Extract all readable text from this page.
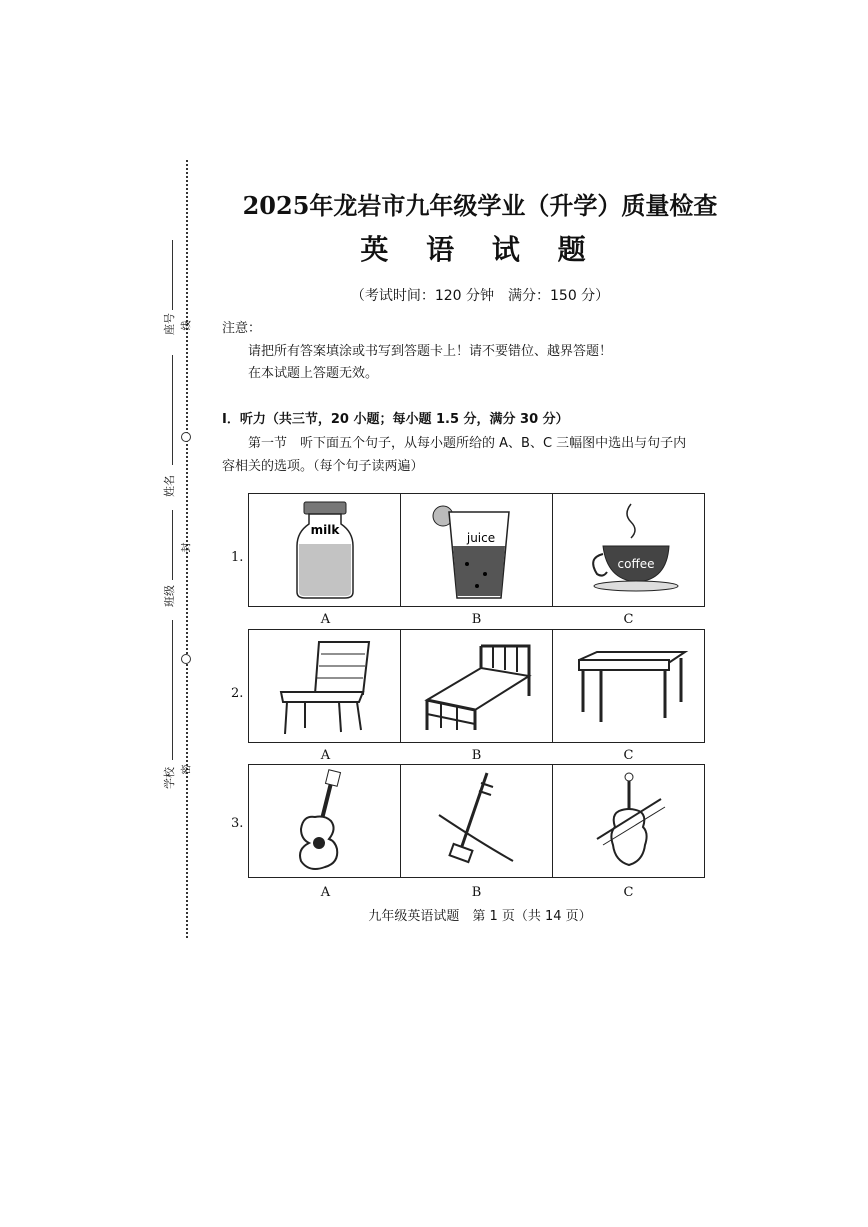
座号 线
姓名
封
班级
学校 密
2025年龙岩市九年级学业（升学）质量检查
英 语 试 题
（考试时间：120 分钟　满分：150 分）
注意：
请把所有答案填涂或书写到答题卡上！请不要错位、越界答题！
在本试题上答题无效。
Ⅰ．听力（共三节，20 小题；每小题 1.5 分，满分 30 分）
第一节　听下面五个句子，从每小题所给的 A、B、C 三幅图中选出与句子内
容相关的选项。（每个句子读两遍）
1.
milk
juice
coffee
A	B	C
2.
A	B	C
3.
A	B	C
九年级英语试题　第 1 页（共 14 页）
